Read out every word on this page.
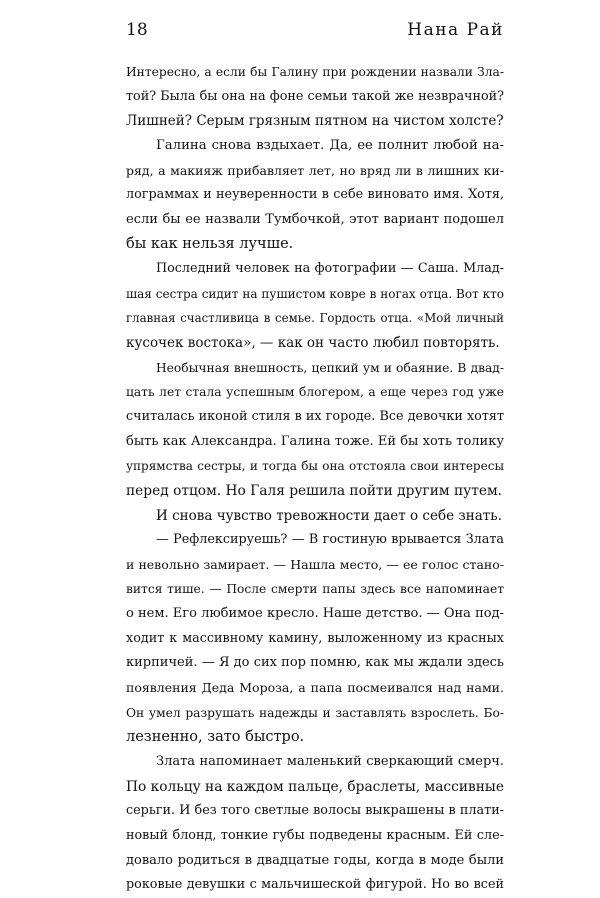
18	Нана Рай
Интересно, а если бы Галину при рождении назвали Зла-
той? Была бы она на фоне семьи такой же незврачной?
Лишней? Серым грязным пятном на чистом холсте?
Галина снова вздыхает. Да, ее полнит любой на-
ряд, а макияж прибавляет лет, но вряд ли в лишних ки-
лограммах и неуверенности в себе виновато имя. Хотя,
если бы ее назвали Тумбочкой, этот вариант подошел
бы как нельзя лучше.
Последний человек на фотографии — Саша. Млад-
шая сестра сидит на пушистом ковре в ногах отца. Вот кто
главная счастливица в семье. Гордость отца. «Мой личный
кусочек востока», — как он часто любил повторять.
Необычная внешность, цепкий ум и обаяние. В двад-
цать лет стала успешным блогером, а еще через год уже
считалась иконой стиля в их городе. Все девочки хотят
быть как Александра. Галина тоже. Ей бы хоть толику
упрямства сестры, и тогда бы она отстояла свои интересы
перед отцом. Но Галя решила пойти другим путем.
И снова чувство тревожности дает о себе знать.
— Рефлексируешь? — В гостиную врывается Злата
и невольно замирает. — Нашла место, — ее голос стано-
вится тише. — После смерти папы здесь все напоминает
о нем. Его любимое кресло. Наше детство. — Она под-
ходит к массивному камину, выложенному из красных
кирпичей. — Я до сих пор помню, как мы ждали здесь
появления Деда Мороза, а папа посмеивался над нами.
Он умел разрушать надежды и заставлять взрослеть. Бо-
лезненно, зато быстро.
Злата напоминает маленький сверкающий смерч.
По кольцу на каждом пальце, браслеты, массивные
серьги. И без того светлые волосы выкрашены в плати-
новый блонд, тонкие губы подведены красным. Ей сле-
довало родиться в двадцатые годы, когда в моде были
роковые девушки с мальчишеской фигурой. Но во всей
